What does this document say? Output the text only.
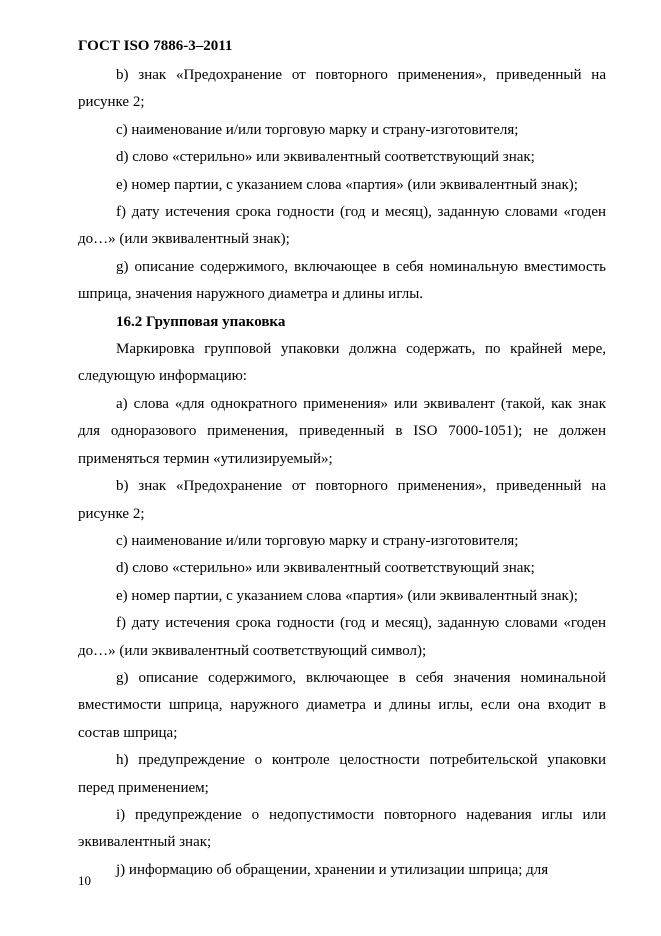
ГОСТ ISO 7886-3–2011

b) знак «Предохранение от повторного применения», приведенный на рисунке 2;

c) наименование и/или торговую марку и страну-изготовителя;

d) слово «стерильно» или эквивалентный соответствующий знак;

е) номер партии, с указанием слова «партия» (или эквивалентный знак);

f) дату истечения срока годности (год и месяц), заданную словами «годен до…» (или эквивалентный знак);

g) описание содержимого, включающее в себя номинальную вместимость шприца, значения наружного диаметра и длины иглы.

16.2 Групповая упаковка

Маркировка групповой упаковки должна содержать, по крайней мере, следующую информацию:

а) слова «для однократного применения» или эквивалент (такой, как знак для одноразового применения, приведенный в ISO 7000-1051); не должен применяться термин «утилизируемый»;

b) знак «Предохранение от повторного применения», приведенный на рисунке 2;

с) наименование и/или торговую марку и страну-изготовителя;

d) слово «стерильно» или эквивалентный соответствующий знак;

е) номер партии, с указанием слова «партия» (или эквивалентный знак);

f) дату истечения срока годности (год и месяц), заданную словами «годен до…» (или эквивалентный соответствующий символ);

g) описание содержимого, включающее в себя значения номинальной вместимости шприца, наружного диаметра и длины иглы, если она входит в состав шприца;

h) предупреждение о контроле целостности потребительской упаковки перед применением;

i) предупреждение о недопустимости повторного надевания иглы или эквивалентный знак;

j) информацию об обращении, хранении и утилизации шприца; для

10
